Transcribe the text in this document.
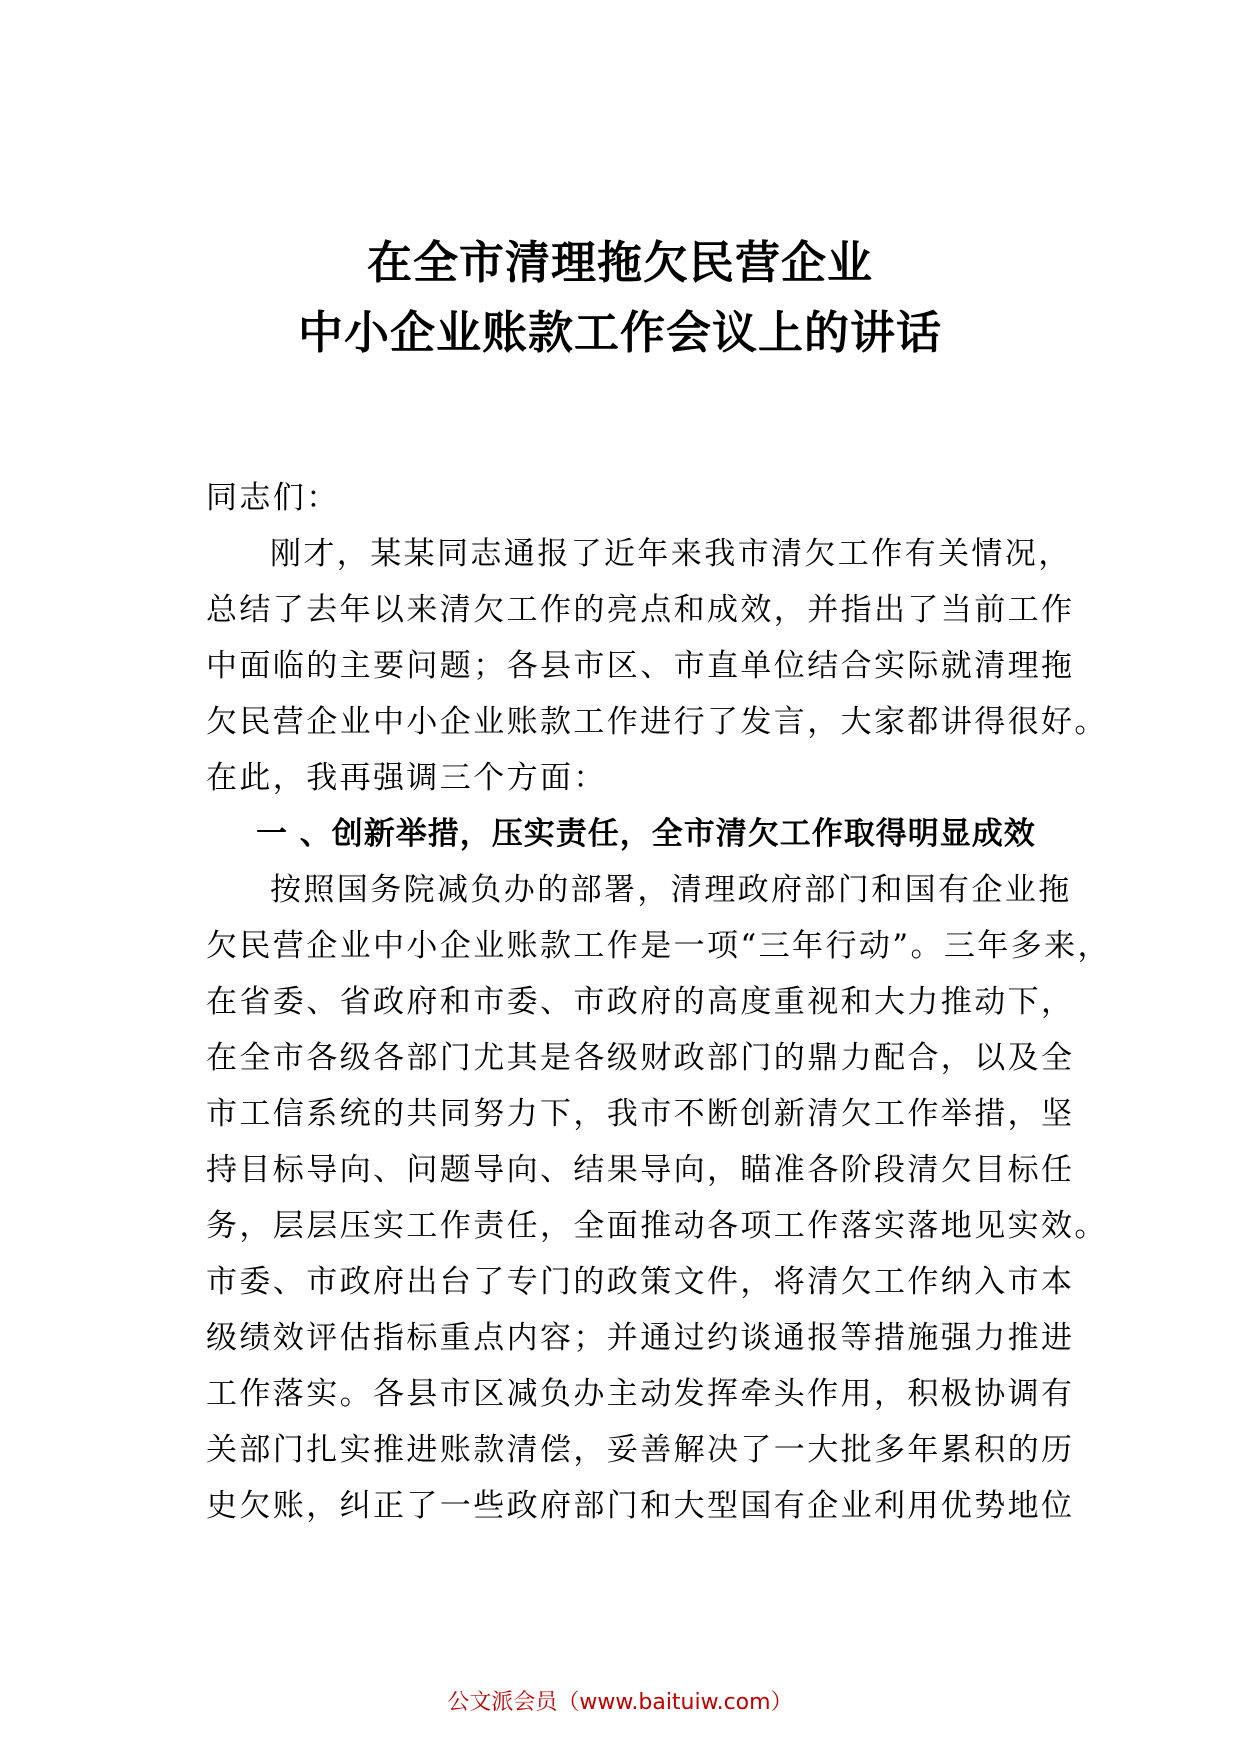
在全市清理拖欠民营企业
中小企业账款工作会议上的讲话
同志们：
刚才，某某同志通报了近年来我市清欠工作有关情况，
总结了去年以来清欠工作的亮点和成效，并指出了当前工作
中面临的主要问题；各县市区、市直单位结合实际就清理拖
欠民营企业中小企业账款工作进行了发言，大家都讲得很好。
在此，我再强调三个方面：
一 、创新举措，压实责任，全市清欠工作取得明显成效
按照国务院减负办的部署，清理政府部门和国有企业拖
欠民营企业中小企业账款工作是一项“三年行动”。三年多来，
在省委、省政府和市委、市政府的高度重视和大力推动下，
在全市各级各部门尤其是各级财政部门的鼎力配合，以及全
市工信系统的共同努力下，我市不断创新清欠工作举措，坚
持目标导向、问题导向、结果导向，瞄准各阶段清欠目标任
务，层层压实工作责任，全面推动各项工作落实落地见实效。
市委、市政府出台了专门的政策文件，将清欠工作纳入市本
级绩效评估指标重点内容；并通过约谈通报等措施强力推进
工作落实。各县市区减负办主动发挥牵头作用，积极协调有
关部门扎实推进账款清偿，妥善解决了一大批多年累积的历
史欠账，纠正了一些政府部门和大型国有企业利用优势地位
公文派会员（www.baituiw.com）
